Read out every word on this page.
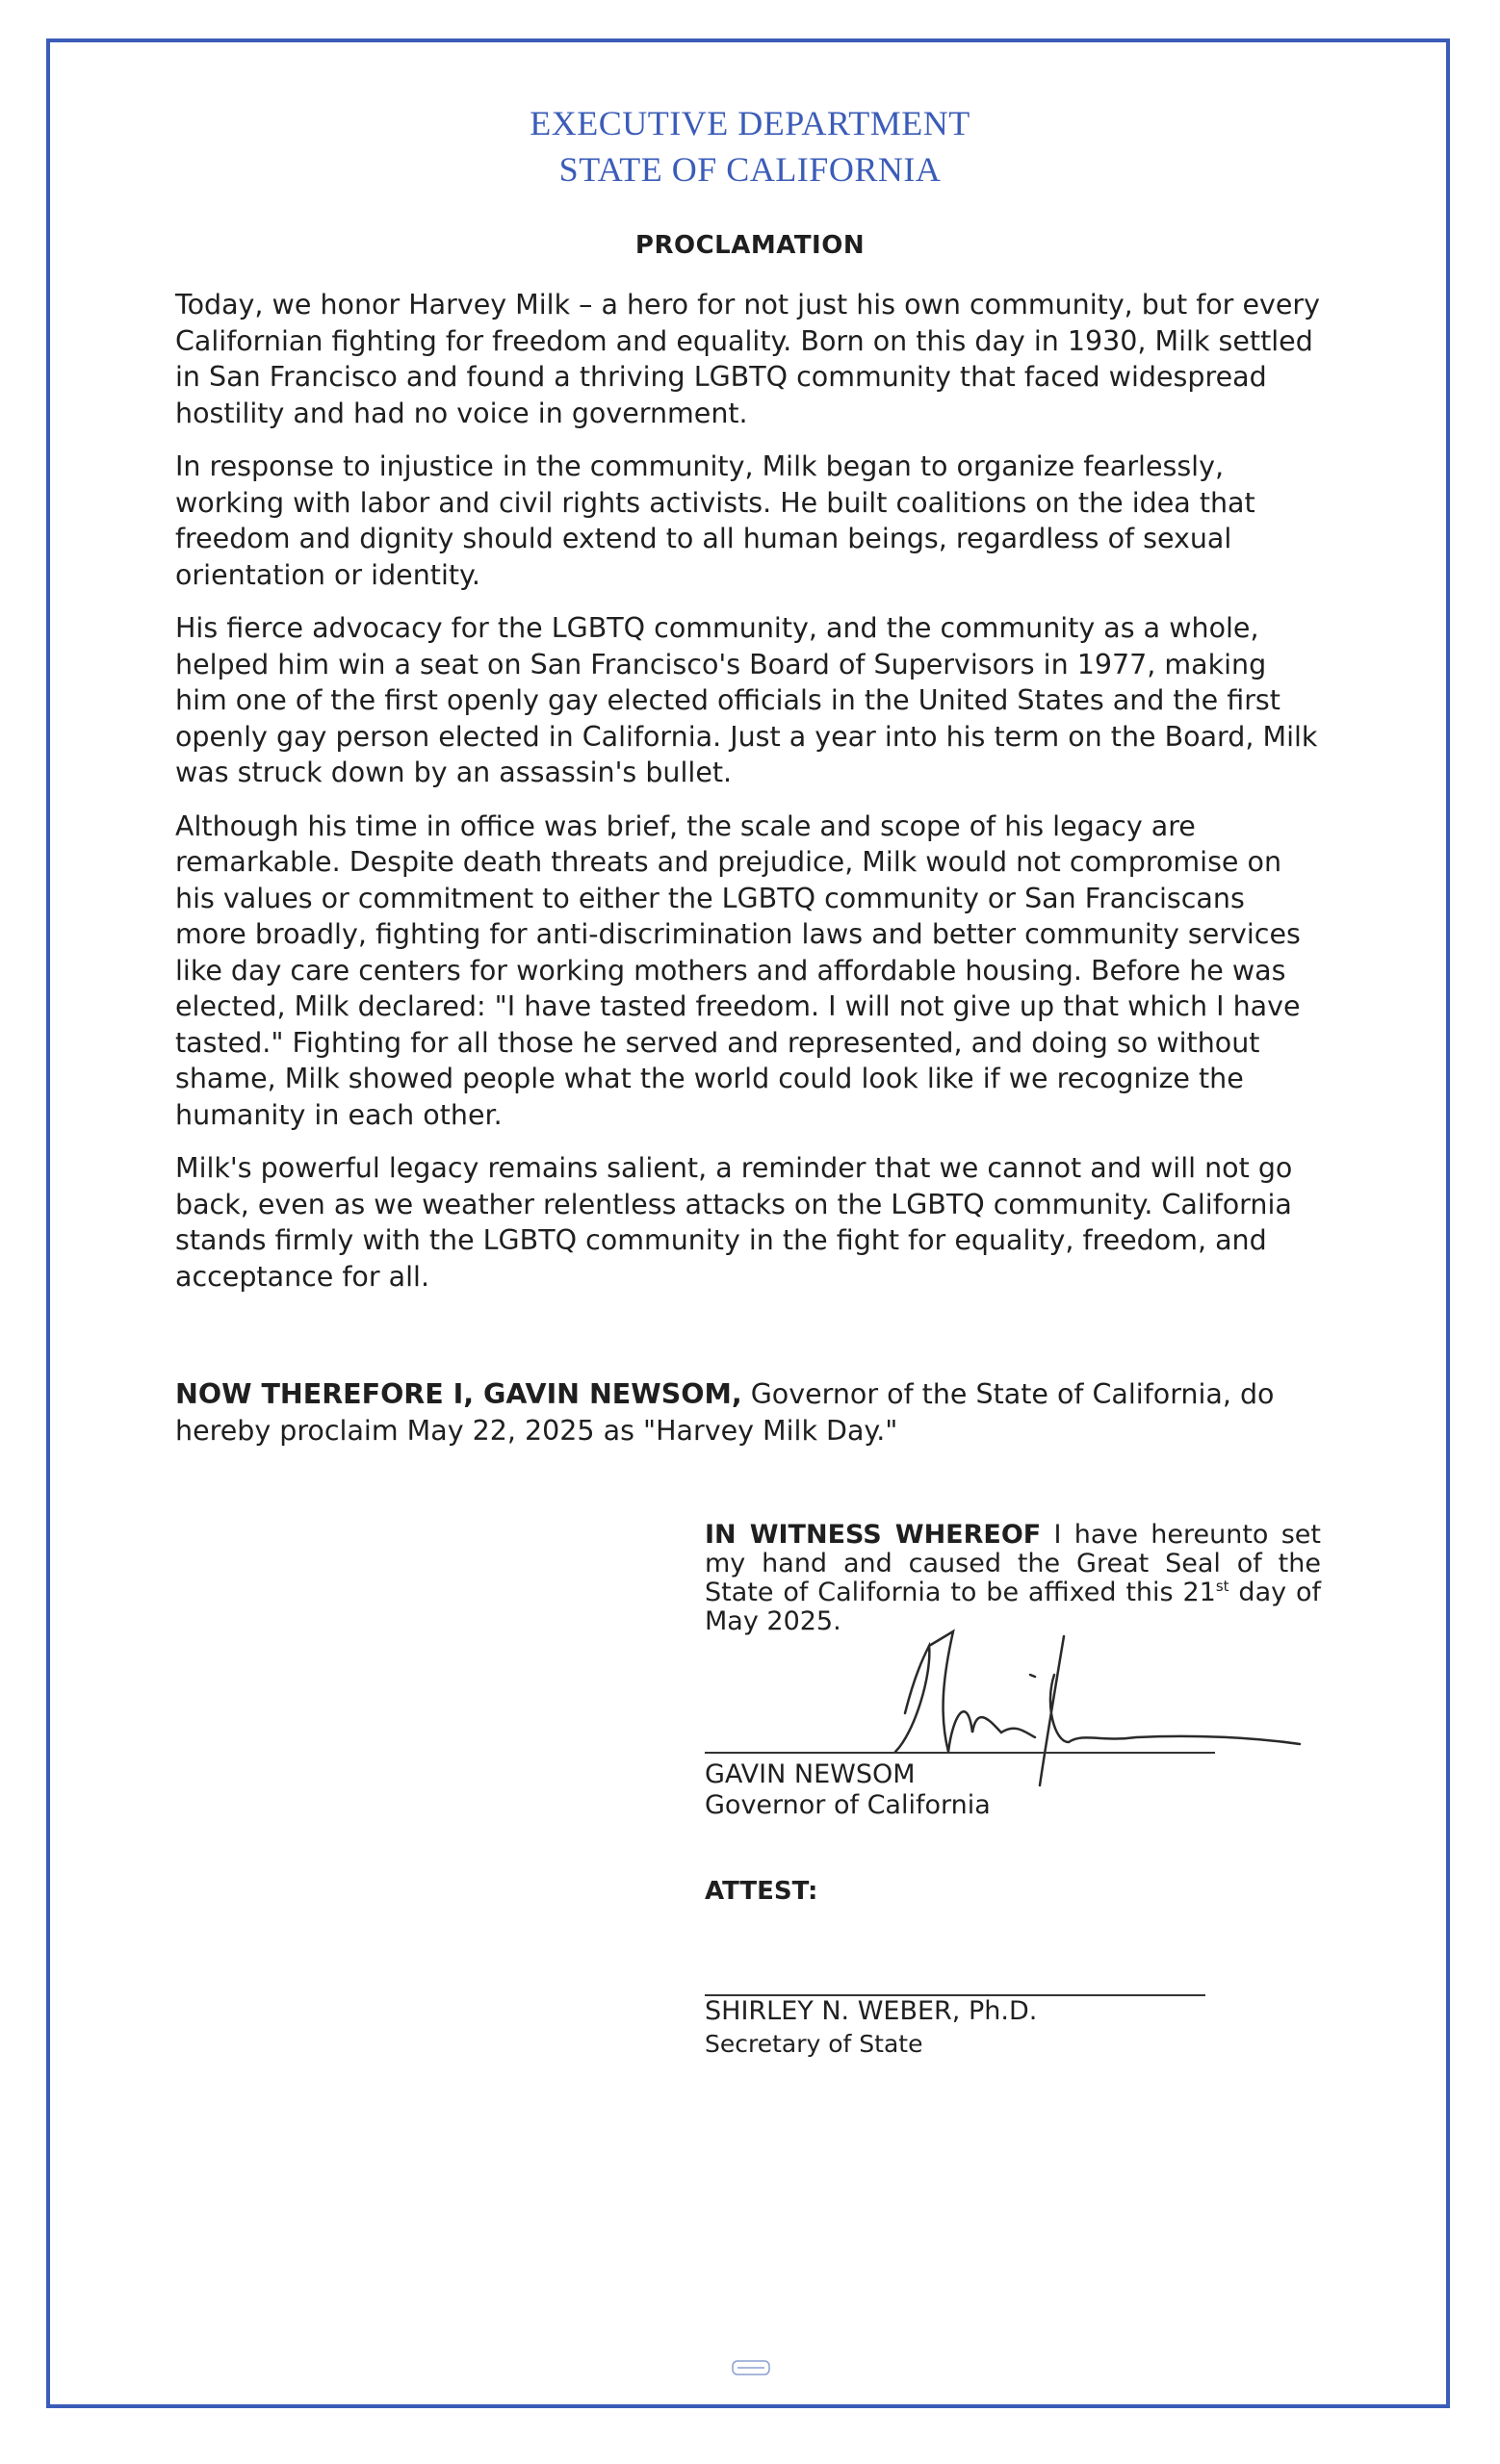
EXECUTIVE DEPARTMENT
STATE OF CALIFORNIA
PROCLAMATION

Today, we honor Harvey Milk – a hero for not just his own community, but for every Californian fighting for freedom and equality. Born on this day in 1930, Milk settled in San Francisco and found a thriving LGBTQ community that faced widespread hostility and had no voice in government.

In response to injustice in the community, Milk began to organize fearlessly, working with labor and civil rights activists. He built coalitions on the idea that freedom and dignity should extend to all human beings, regardless of sexual orientation or identity.

His fierce advocacy for the LGBTQ community, and the community as a whole, helped him win a seat on San Francisco's Board of Supervisors in 1977, making him one of the first openly gay elected officials in the United States and the first openly gay person elected in California. Just a year into his term on the Board, Milk was struck down by an assassin's bullet.

Although his time in office was brief, the scale and scope of his legacy are remarkable. Despite death threats and prejudice, Milk would not compromise on his values or commitment to either the LGBTQ community or San Franciscans more broadly, fighting for anti-discrimination laws and better community services like day care centers for working mothers and affordable housing. Before he was elected, Milk declared: "I have tasted freedom. I will not give up that which I have tasted." Fighting for all those he served and represented, and doing so without shame, Milk showed people what the world could look like if we recognize the humanity in each other.

Milk's powerful legacy remains salient, a reminder that we cannot and will not go back, even as we weather relentless attacks on the LGBTQ community. California stands firmly with the LGBTQ community in the fight for equality, freedom, and acceptance for all.

NOW THEREFORE I, GAVIN NEWSOM, Governor of the State of California, do hereby proclaim May 22, 2025 as "Harvey Milk Day."
IN WITNESS WHEREOF I have hereunto set my hand and caused the Great Seal of the State of California to be affixed this 21st day of May 2025.
GAVIN NEWSOM
Governor of California
ATTEST:
SHIRLEY N. WEBER, Ph.D.
Secretary of State
